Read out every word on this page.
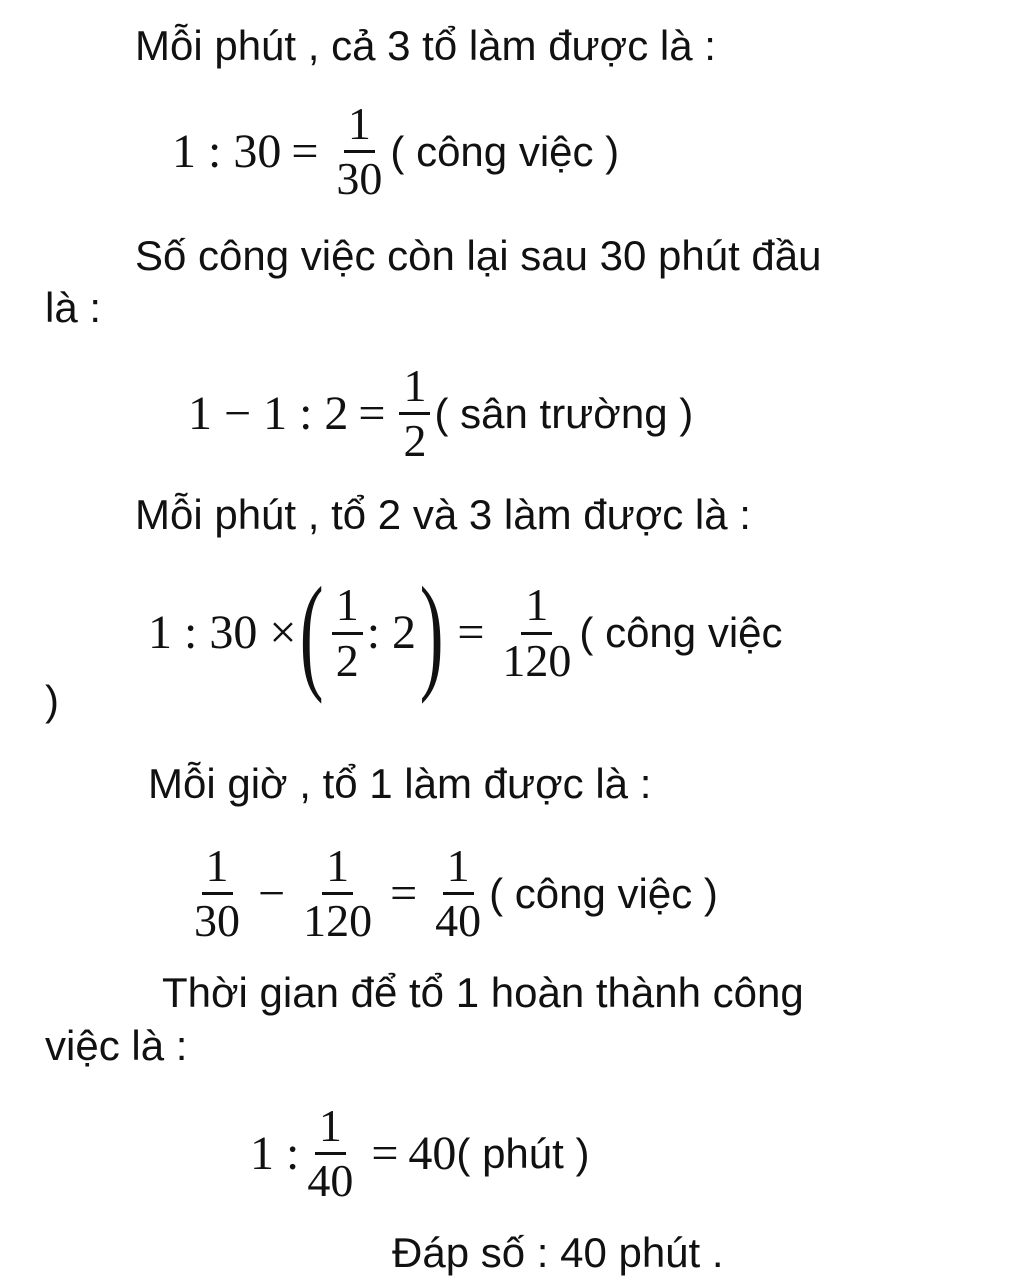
Mỗi phút , cả 3 tổ làm được là :
1 : $30 = \frac{1}{30}$ ( công việc )
Số công việc còn lại sau 30 phút đầu
là :
1 − 1 : $2 = \frac{1}{2}$ ( sân trường )
Mỗi phút , tổ 2 và 3 làm được là :
1 : 30 × ( $\frac{1}{2}$ : 2 ) = $\frac{1}{120}$ ( công việc
)
Mỗi giờ , tổ 1 làm được là :
$\frac{1}{30} - \frac{1}{120} = \frac{1}{40}$ ( công việc )
Thời gian để tổ 1 hoàn thành công
việc là :
1 : $\frac{1}{40} = 40$ ( phút )
Đáp số : 40 phút .
